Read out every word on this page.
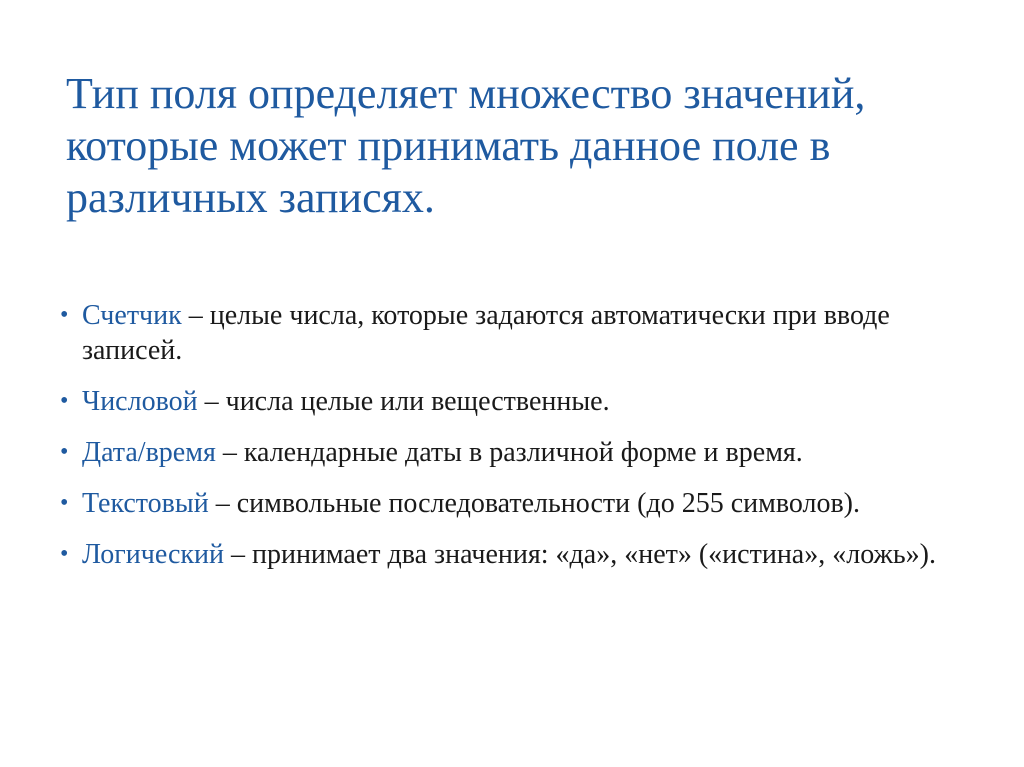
Тип поля определяет множество значений, которые может принимать данное поле в различных записях.
• Счетчик – целые числа, которые задаются автоматически при вводе записей.
• Числовой – числа целые или вещественные.
• Дата/время – календарные даты в различной форме и время.
• Текстовый – символьные последовательности (до 255 символов).
• Логический – принимает два значения: «да», «нет» («истина», «ложь»).
